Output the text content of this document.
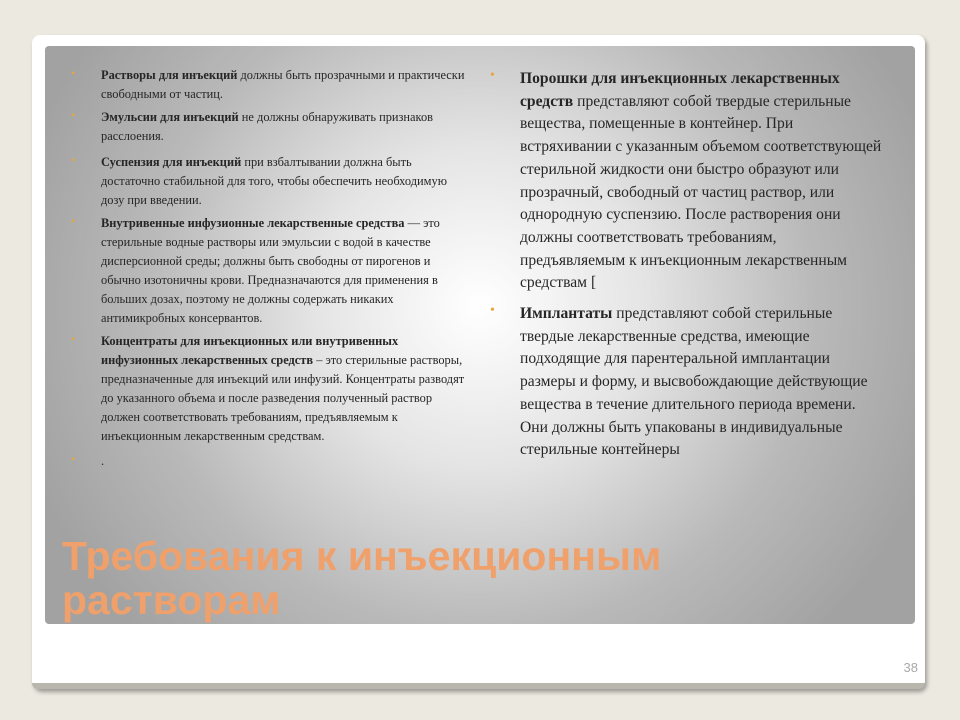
• Растворы для инъекций должны быть прозрачными и практически свободными от частиц.
• Эмульсии для инъекций не должны обнаруживать признаков расслоения.
• Суспензия для инъекций при взбалтывании должна быть достаточно стабильной для того, чтобы обеспечить необходимую дозу при введении.
• Внутривенные инфузионные лекарственные средства — это стерильные водные растворы или эмульсии с водой в качестве дисперсионной среды; должны быть свободны от пирогенов и обычно изотоничны крови. Предназначаются для применения в больших дозах, поэтому не должны содержать никаких антимикробных консервантов.
• Концентраты для инъекционных или внутривенных инфузионных лекарственных средств – это стерильные растворы, предназначенные для инъекций или инфузий. Концентраты разводят до указанного объема и после разведения полученный раствор должен соответствовать требованиям, предъявляемым к инъекционным лекарственным средствам.
• .
• Порошки для инъекционных лекарственных средств представляют собой твердые стерильные вещества, помещенные в контейнер. При встряхивании с указанным объемом соответствующей стерильной жидкости они быстро образуют или прозрачный, свободный от частиц раствор, или однородную суспензию. После растворения они должны соответствовать требованиям, предъявляемым к инъекционным лекарственным средствам [
• Имплантаты представляют собой стерильные твердые лекарственные средства, имеющие подходящие для парентеральной имплантации размеры и форму, и высвобождающие действующие вещества в течение длительного периода времени. Они должны быть упакованы в индивидуальные стерильные контейнеры
Требования к инъекционным
растворам
38
